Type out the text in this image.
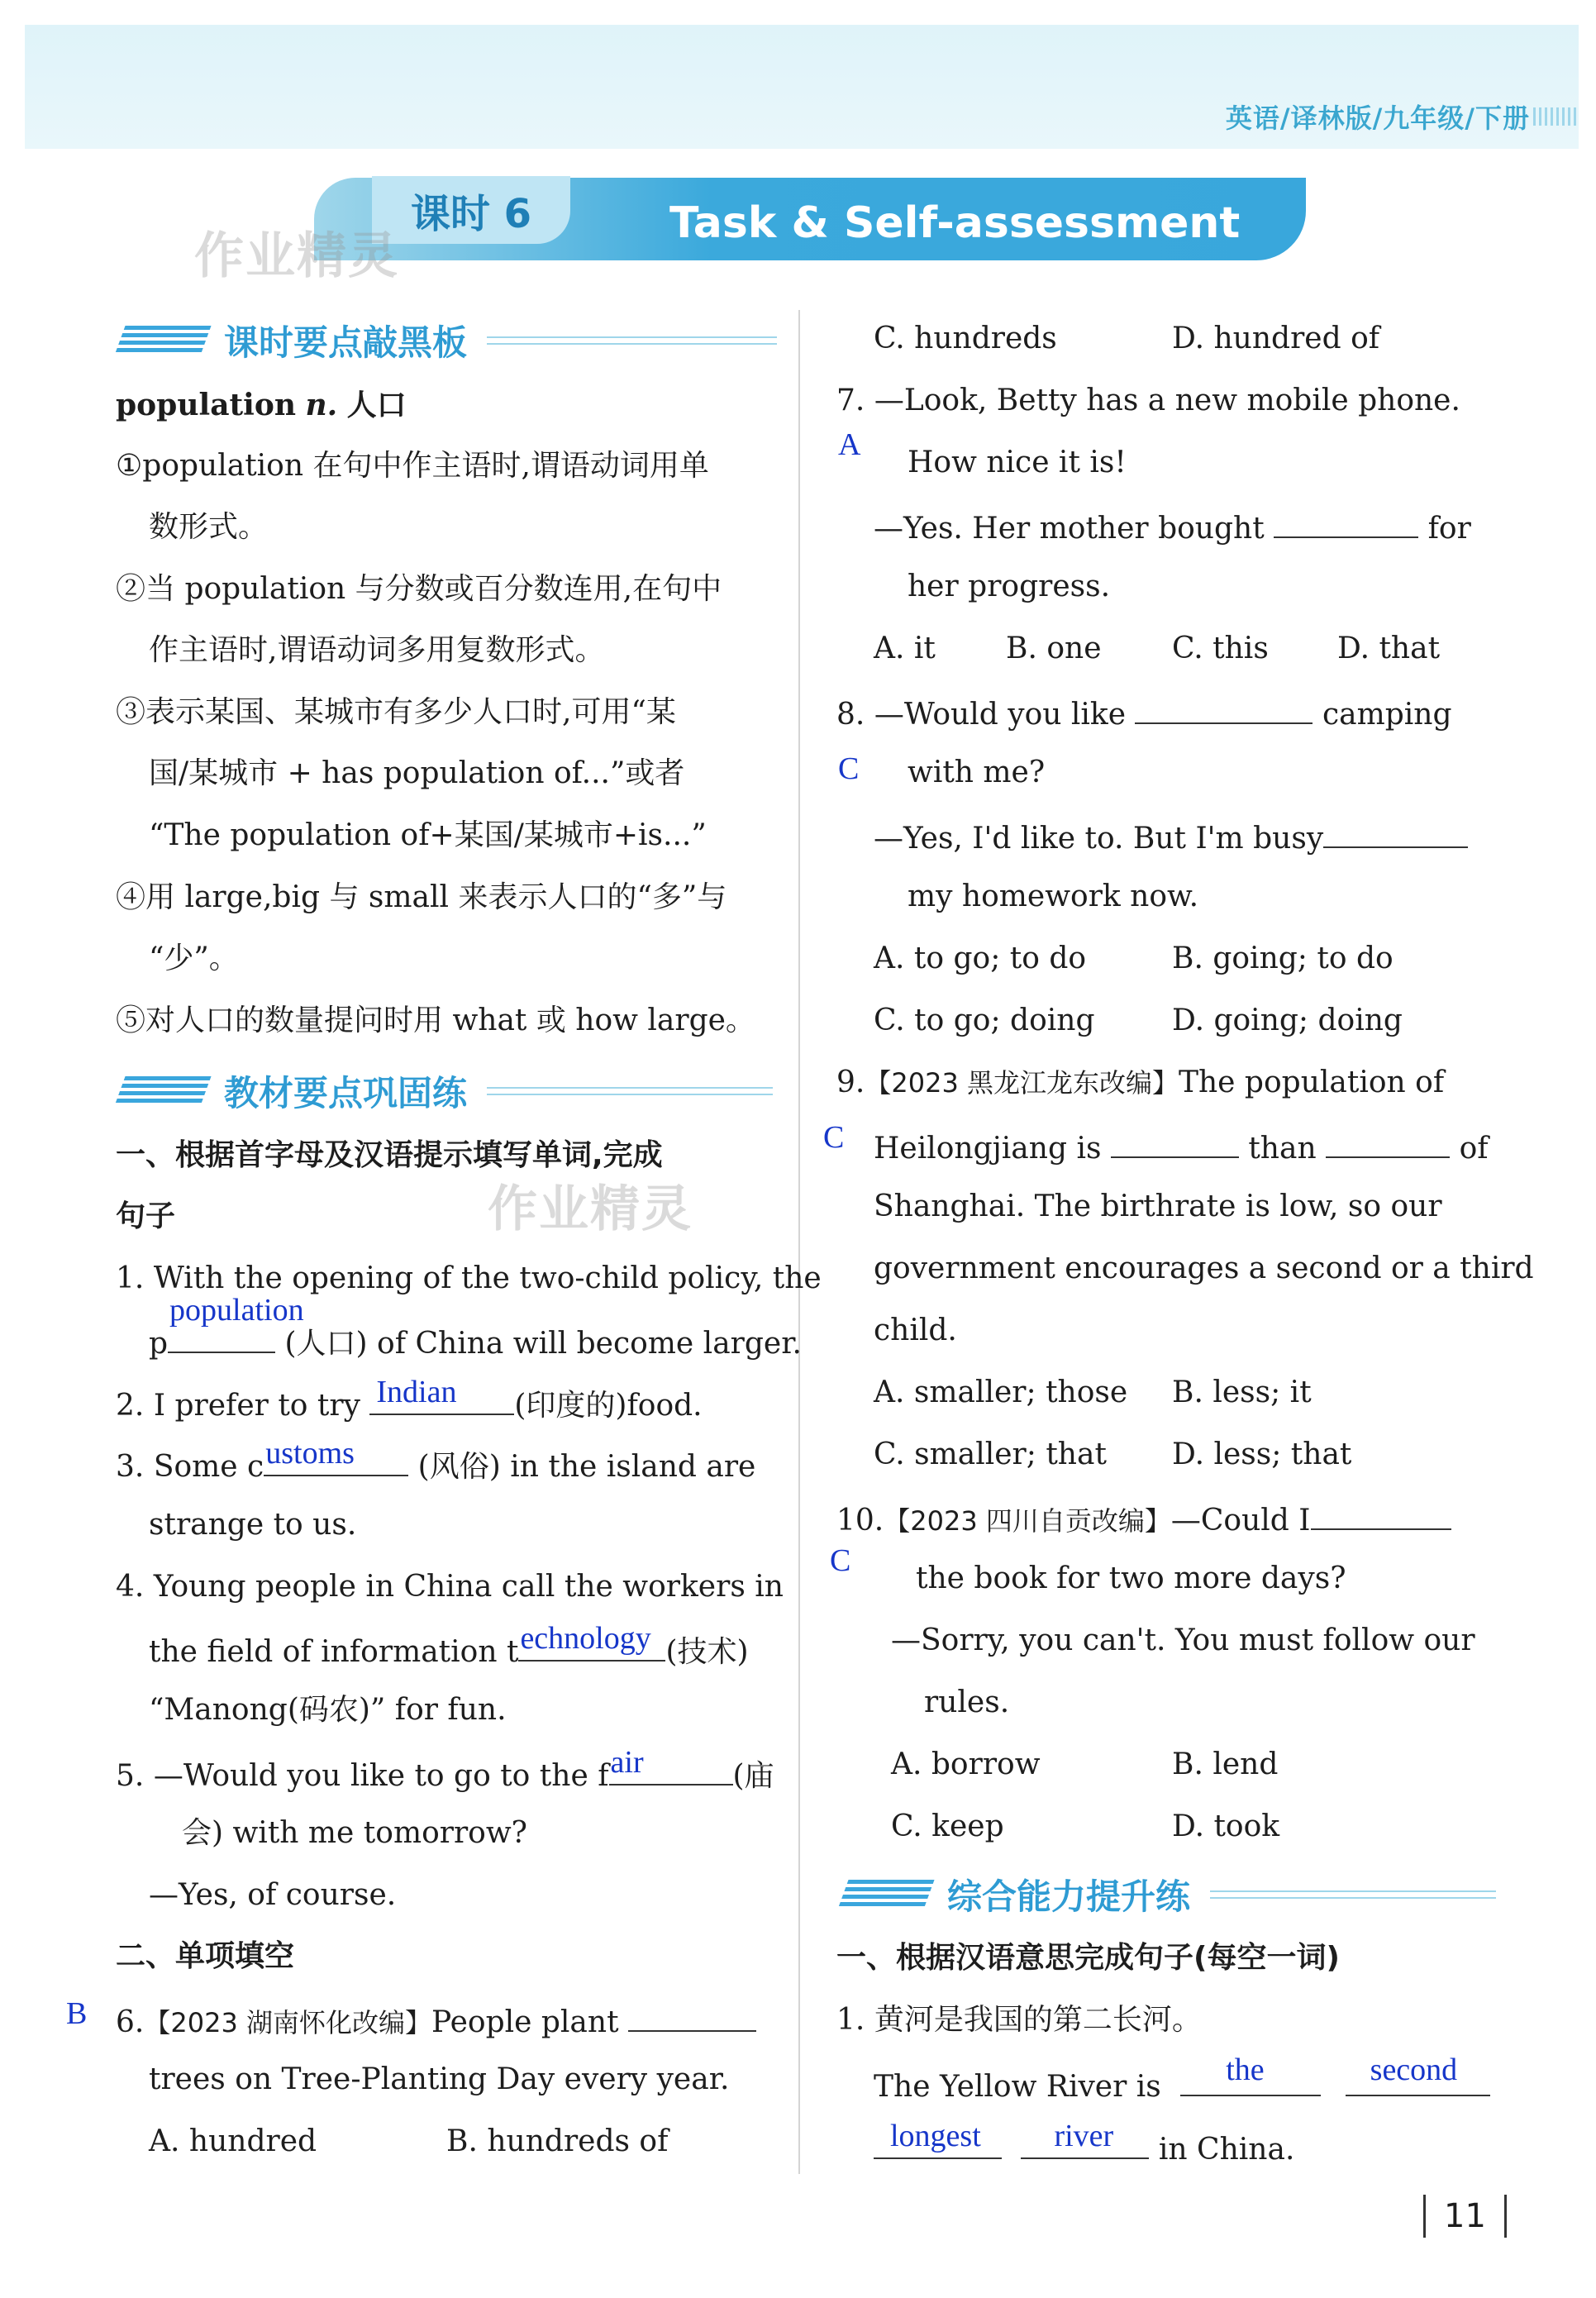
英语/译林版/九年级/下册
课时 6	Task & Self-assessment
作业精灵
作业精灵
课时要点敲黑板
population n. 人口
①population 在句中作主语时,谓语动词用单
数形式。
②当 population 与分数或百分数连用,在句中
作主语时,谓语动词多用复数形式。
③表示某国、某城市有多少人口时,可用“某
国/某城市 + has population of...”或者
“The population of+某国/某城市+is...”
④用 large,big 与 small 来表示人口的“多”与
“少”。
⑤对人口的数量提问时用 what 或 how large。
教材要点巩固练
一、根据首字母及汉语提示填写单词,完成
句子
1. With the opening of the two-child policy, the
p
population
(人口) of China will become larger.
2. I prefer to try Indian (印度的)food.
3. Some c ustoms (风俗) in the island are
strange to us.
4. Young people in China call the workers in
the field of information t echnology (技术)
“Manong(码农)” for fun.
5. —Would you like to go to the f air	(庙
会) with me tomorrow?
—Yes, of course.
二、单项填空
B 6.【2023 湖南怀化改编】People plant
trees on Tree-Planting Day every year.
A. hundred	B. hundreds of
C. hundreds	D. hundred of
A
7. —Look, Betty has a new mobile phone.
How nice it is!
—Yes. Her mother bought	for
her progress.
A. it B. one C. this D. that
C
8. —Would you like	camping
with me?
—Yes, I'd like to. But I'm busy
my homework now.
A. to go; to do	B. going; to do
C. to go; doing	D. going; doing
C
9.【2023 黑龙江龙东改编】The population of
Heilongjiang is	than	of
Shanghai. The birthrate is low, so our
government encourages a second or a third
child.
A. smaller; those B. less; it
C. smaller; that D. less; that
C
10.【2023 四川自贡改编】—Could I
the book for two more days?
—Sorry, you can't. You must follow our
rules.
A. borrow	B. lend
C. keep	D. took
综合能力提升练
一、根据汉语意思完成句子(每空一词)
1. 黄河是我国的第二长河。
The Yellow River is the
	second
longest
river in China.
11
